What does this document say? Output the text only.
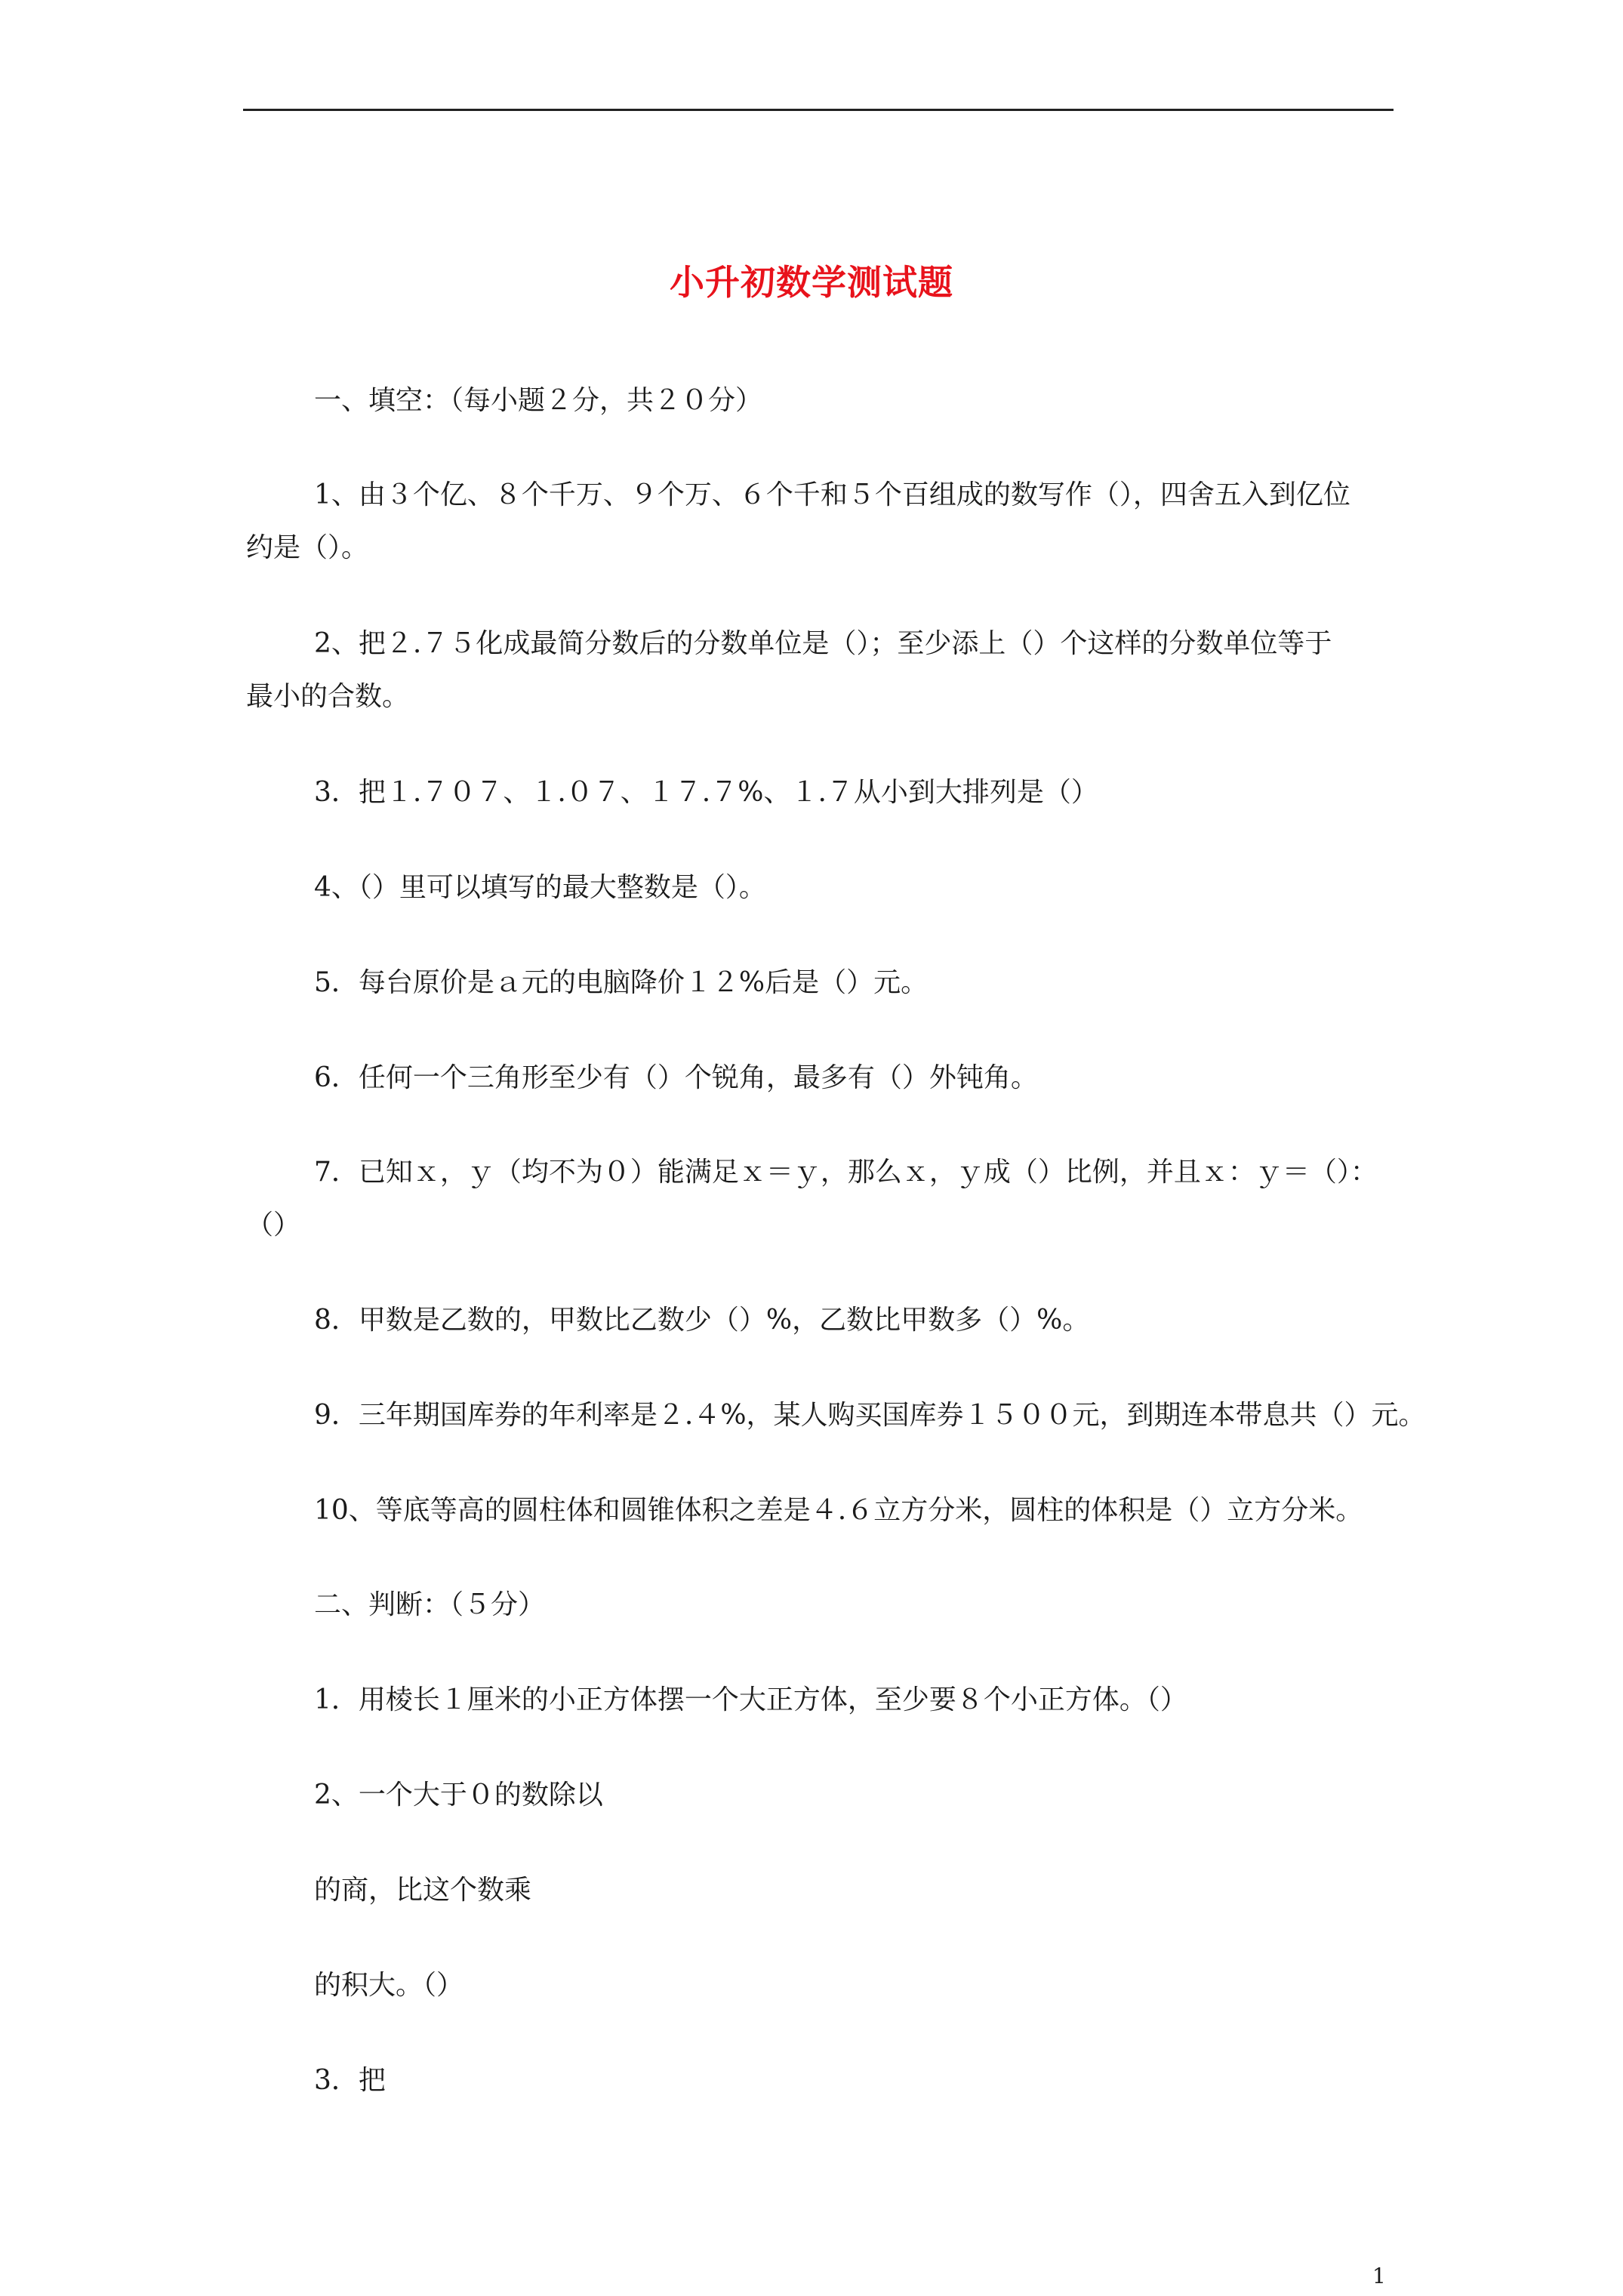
小升初数学测试题
一、填空：（每小题２分，共２０分）
1、由３个亿、８个千万、９个万、６个千和５个百组成的数写作（），四舍五入到亿位
约是（）。
2、把２.７５化成最简分数后的分数单位是（）；至少添上（）个这样的分数单位等于
最小的合数。
3．把１.７０７、１.０７、１７.７%、１.７从小到大排列是（）
4、（）里可以填写的最大整数是（）。
5．每台原价是ａ元的电脑降价１２%后是（）元。
6．任何一个三角形至少有（）个锐角，最多有（）外钝角。
7．已知ｘ，ｙ（均不为０）能满足ｘ＝ｙ，那么ｘ，ｙ成（）比例，并且ｘ：ｙ＝（）：
（）
8．甲数是乙数的，甲数比乙数少（）%，乙数比甲数多（）%。
9．三年期国库券的年利率是２.４%，某人购买国库券１５００元，到期连本带息共（）元。
10、等底等高的圆柱体和圆锥体积之差是４.６立方分米，圆柱的体积是（）立方分米。
二、判断：（５分）
1．用棱长１厘米的小正方体摆一个大正方体，至少要８个小正方体。（）
2、一个大于０的数除以
的商，比这个数乘
的积大。（）
3．把
1
